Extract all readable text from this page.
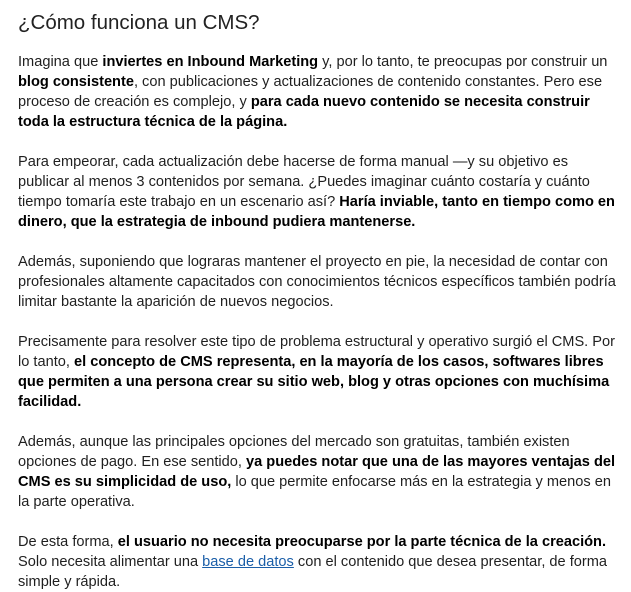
¿Cómo funciona un CMS?

Imagina que inviertes en Inbound Marketing y, por lo tanto, te preocupas por construir un blog consistente, con publicaciones y actualizaciones de contenido constantes. Pero ese proceso de creación es complejo, y para cada nuevo contenido se necesita construir toda la estructura técnica de la página.

Para empeorar, cada actualización debe hacerse de forma manual —y su objetivo es publicar al menos 3 contenidos por semana. ¿Puedes imaginar cuánto costaría y cuánto tiempo tomaría este trabajo en un escenario así? Haría inviable, tanto en tiempo como en dinero, que la estrategia de inbound pudiera mantenerse.

Además, suponiendo que lograras mantener el proyecto en pie, la necesidad de contar con profesionales altamente capacitados con conocimientos técnicos específicos también podría limitar bastante la aparición de nuevos negocios.

Precisamente para resolver este tipo de problema estructural y operativo surgió el CMS. Por lo tanto, el concepto de CMS representa, en la mayoría de los casos, softwares libres que permiten a una persona crear su sitio web, blog y otras opciones con muchísima facilidad.

Además, aunque las principales opciones del mercado son gratuitas, también existen opciones de pago. En ese sentido, ya puedes notar que una de las mayores ventajas del CMS es su simplicidad de uso, lo que permite enfocarse más en la estrategia y menos en la parte operativa.

De esta forma, el usuario no necesita preocuparse por la parte técnica de la creación. Solo necesita alimentar una base de datos con el contenido que desea presentar, de forma simple y rápida.
